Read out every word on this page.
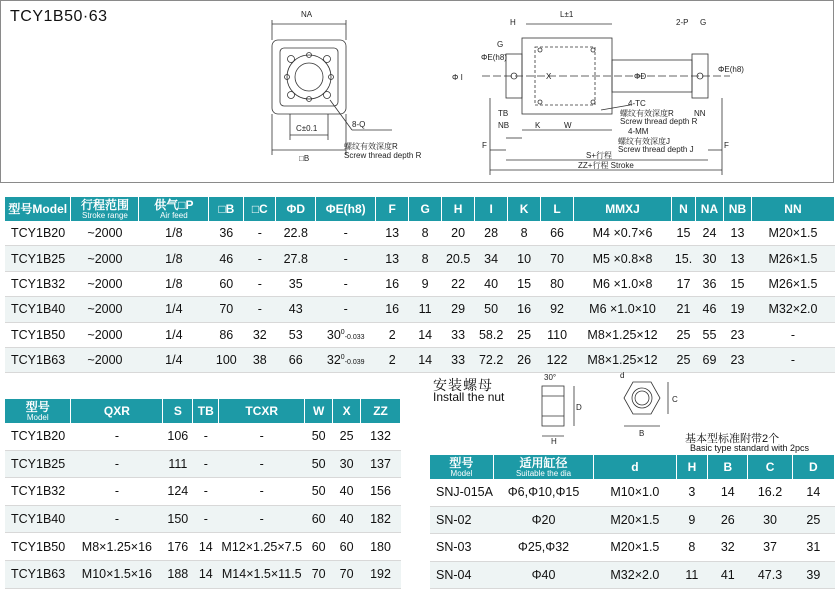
TCY1B50·63	NA
C±0.1
□B
8-Q
螺纹有效深度R
Screw thread depth R
H
L±1
2-P G
G
ΦE(h8)
Φ I	X	ΦD
4-TC
螺纹有效深度R
Screw thread depth R
4-MM
螺纹有效深度J
Screw thread depth J
TB
NB	K	W
NN
ΦE(h8)
F	F
S+行程
ZZ+行程 Stroke
型号Model	行程范围
Stroke range	供气□P
Air feed	□B	□C	ΦD	ΦE(h8)	F	G	H	I	K	L	MMXJ	N	NA	NB	NN
TCY1B20	~2000	1/8	36	-	22.8	-	13	8	20	28	8	66	M4 ×0.7×6	15	24	13	M20×1.5
TCY1B25	~2000	1/8	46	-	27.8	-	13	8	20.5	34	10	70	M5 ×0.8×8	15.	30	13	M26×1.5
TCY1B32	~2000	1/8	60	-	35	-	16	9	22	40	15	80	M6 ×1.0×8	17	36	15	M26×1.5
TCY1B40	~2000	1/4	70	-	43	-	16	11	29	50	16	92	M6 ×1.0×10	21	46	19	M32×2.0
TCY1B50	~2000	1/4	86	32	53	$30^0-0.033$	2	14	33	58.2	25	110	M8×1.25×12	25	55	23	-
TCY1B63	~2000	1/4	100	38	66	$32^0-0.039$	2	14	33	72.2	26	122	M8×1.25×12	25	69	23	-
型号
Model	QXR	S	TB	TCXR	W	X	ZZ
TCY1B20	-	106	-	-	50	25	132
TCY1B25	-	111	-	-	50	30	137
TCY1B32	-	124	-	-	50	40	156
TCY1B40	-	150	-	-	60	40	182
TCY1B50	M8×1.25×16	176	14	M12×1.25×7.5	60	60	180
TCY1B63	M10×1.5×16	188	14	M14×1.5×11.5	70	70	192
安装螺母
Install the nut
30°
H
D
d
B
C
基本型标准附带2个
Basic type standard with 2pcs
型号
Model	适用缸径
Suitable the dia	d	H	B	C	D
SNJ-015A	Φ6,Φ10,Φ15	M10×1.0	3	14	16.2	14
SN-02	Φ20	M20×1.5	9	26	30	25
SN-03	Φ25,Φ32	M20×1.5	8	32	37	31
SN-04	Φ40	M32×2.0	11	41	47.3	39
